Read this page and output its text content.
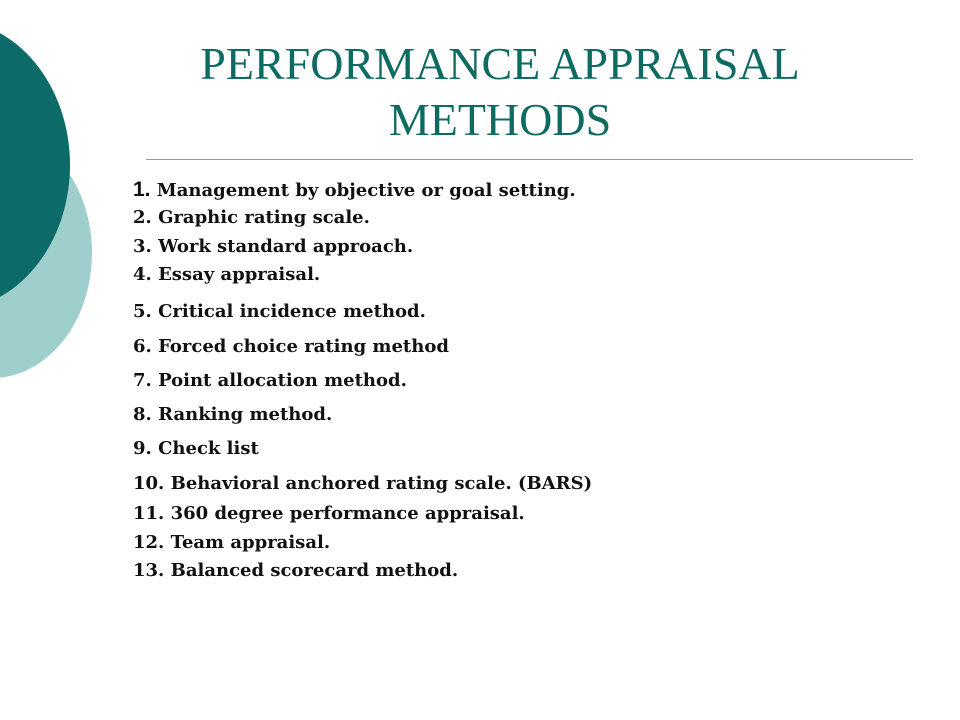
PERFORMANCE APPRAISAL
METHODS
1. Management by objective or goal setting.
2. Graphic rating scale.
3. Work standard approach.
4. Essay appraisal.
5. Critical incidence method.
6. Forced choice rating method
7. Point allocation method.
8. Ranking method.
9. Check list
10. Behavioral anchored rating scale. (BARS)
11. 360 degree performance appraisal.
12. Team appraisal.
13. Balanced scorecard method.
